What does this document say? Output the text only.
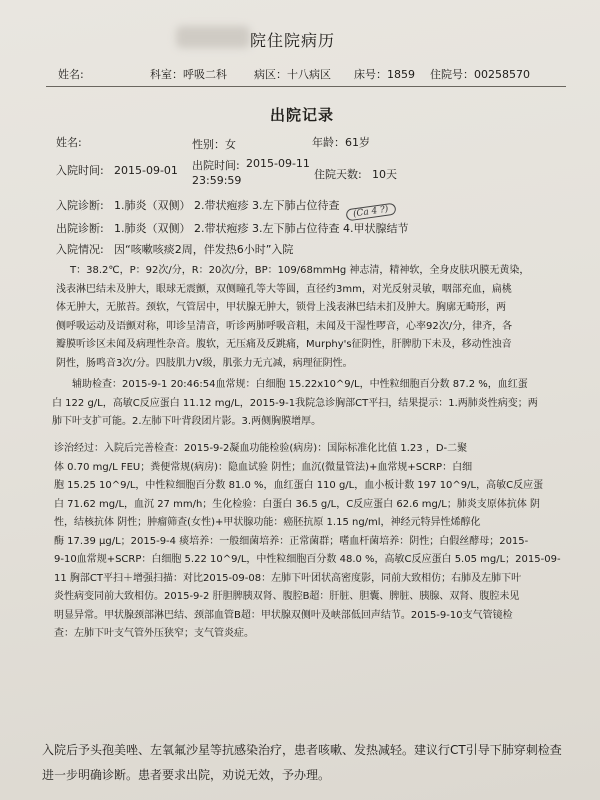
院住院病历
姓名:	科室：呼吸二科 病区：十八病区 床号：1859 住院号：00258570
出院记录
姓名:	性别：女	年龄：61岁
入院时间: 2015-09-01 出院时间: 2015-09-11
23:59:59	住院天数: 10天
入院诊断: 1.肺炎（双侧） 2.带状疱疹 3.左下肺占位待查	(Ca 4 ?)
出院诊断: 1.肺炎（双侧） 2.带状疱疹 3.左下肺占位待查 4.甲状腺结节
入院情况: 因“咳嗽咳痰2周，伴发热6小时”入院
T：38.2℃，P：92次/分，R：20次/分，BP：109/68mmHg 神志清，精神软，全身皮肤巩膜无黄染，
浅表淋巴结未及肿大，眼球无震颤，双侧瞳孔等大等圆，直径约3mm，对光反射灵敏，咽部充血，扁桃
体无肿大，无脓苔。颈软，气管居中，甲状腺无肿大，锁骨上浅表淋巴结未扪及肿大。胸廓无畸形，两
侧呼吸运动及语颤对称，叩诊呈清音，听诊两肺呼吸音粗，未闻及干湿性啰音，心率92次/分，律齐，各
瓣膜听诊区未闻及病理性杂音。腹软，无压痛及反跳痛，Murphy's征阴性，肝脾肋下未及，移动性浊音
阴性，肠鸣音3次/分。四肢肌力V级，肌张力无亢减，病理征阴性。
辅助检查：2015-9-1 20:46:54血常规：白细胞 15.22x10^9/L，中性粒细胞百分数 87.2 %，血红蛋
白 122 g/L，高敏C反应蛋白 11.12 mg/L，2015-9-1我院急诊胸部CT平扫，结果提示：1.两肺炎性病变；两
肺下叶支扩可能。2.左肺下叶背段团片影。3.两侧胸膜增厚。
诊治经过：入院后完善检查：2015-9-2凝血功能检验(病房)：国际标准化比值 1.23 ，D-二聚
体 0.70 mg/L FEU；粪便常规(病房)：隐血试验 阴性；血沉(微量管法)+血常规+SCRP：白细
胞 15.25 10^9/L，中性粒细胞百分数 81.0 %，血红蛋白 110 g/L，血小板计数 197 10^9/L，高敏C反应蛋
白 71.62 mg/L，血沉 27 mm/h；生化检验：白蛋白 36.5 g/L，C反应蛋白 62.6 mg/L；肺炎支原体抗体 阴
性，结核抗体 阴性；肿瘤筛查(女性)+甲状腺功能：癌胚抗原 1.15 ng/ml，神经元特异性烯醇化
酶 17.39 μg/L；2015-9-4 痰培养：一般细菌培养：正常菌群；嗜血杆菌培养：阴性；白假丝酵母；2015-
9-10血常规+SCRP：白细胞 5.22 10^9/L，中性粒细胞百分数 48.0 %，高敏C反应蛋白 5.05 mg/L；2015-09-
11 胸部CT平扫＋增强扫描：对比2015-09-08：左肺下叶团状高密度影，同前大致相仿；右肺及左肺下叶
炎性病变同前大致相仿。2015-9-2 肝胆脾胰双肾、腹腔B超：肝脏、胆囊、脾脏、胰腺、双肾、腹腔未见
明显异常。甲状腺颈部淋巴结、颈部血管B超：甲状腺双侧叶及峡部低回声结节。2015-9-10支气管镜检
查：左肺下叶支气管外压狭窄；支气管炎症。
入院后予头孢美唑、左氧氟沙星等抗感染治疗，患者咳嗽、发热减轻。建议行CT引导下肺穿刺检查
进一步明确诊断。患者要求出院，劝说无效，予办理。
